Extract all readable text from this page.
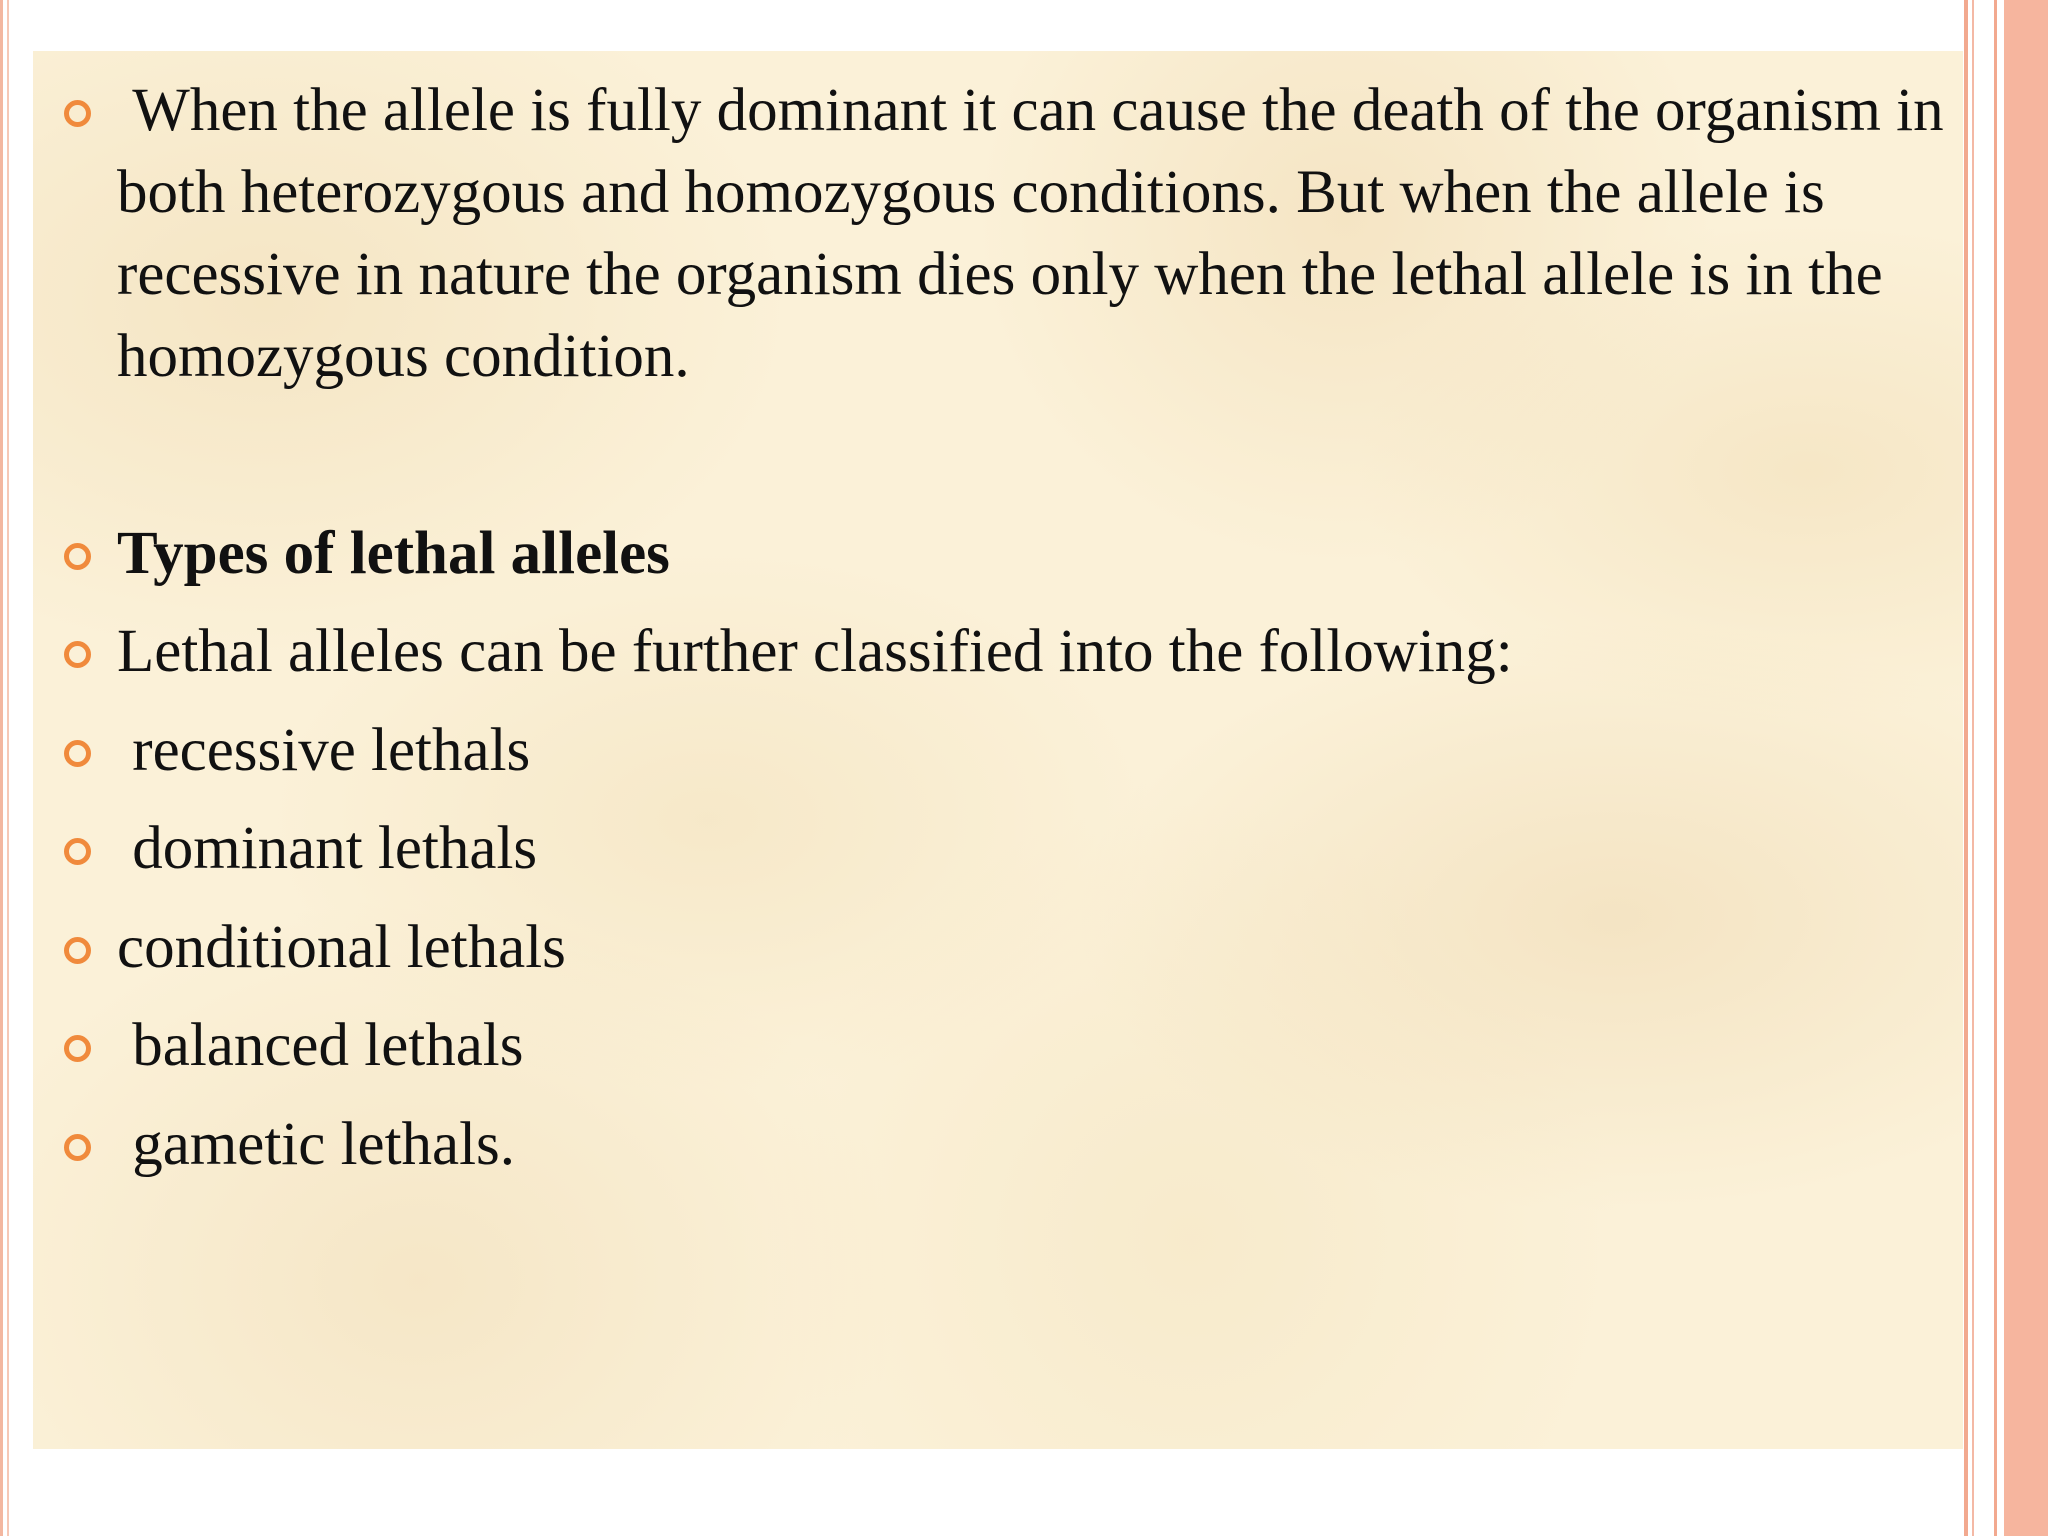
When the allele is fully dominant it can cause the death of the organism in both heterozygous and homozygous conditions. But when the allele is recessive in nature the organism dies only when the lethal allele is in the homozygous condition.
Types of lethal alleles
Lethal alleles can be further classified into the following:
recessive lethals
dominant lethals
conditional lethals
balanced lethals
gametic lethals.
